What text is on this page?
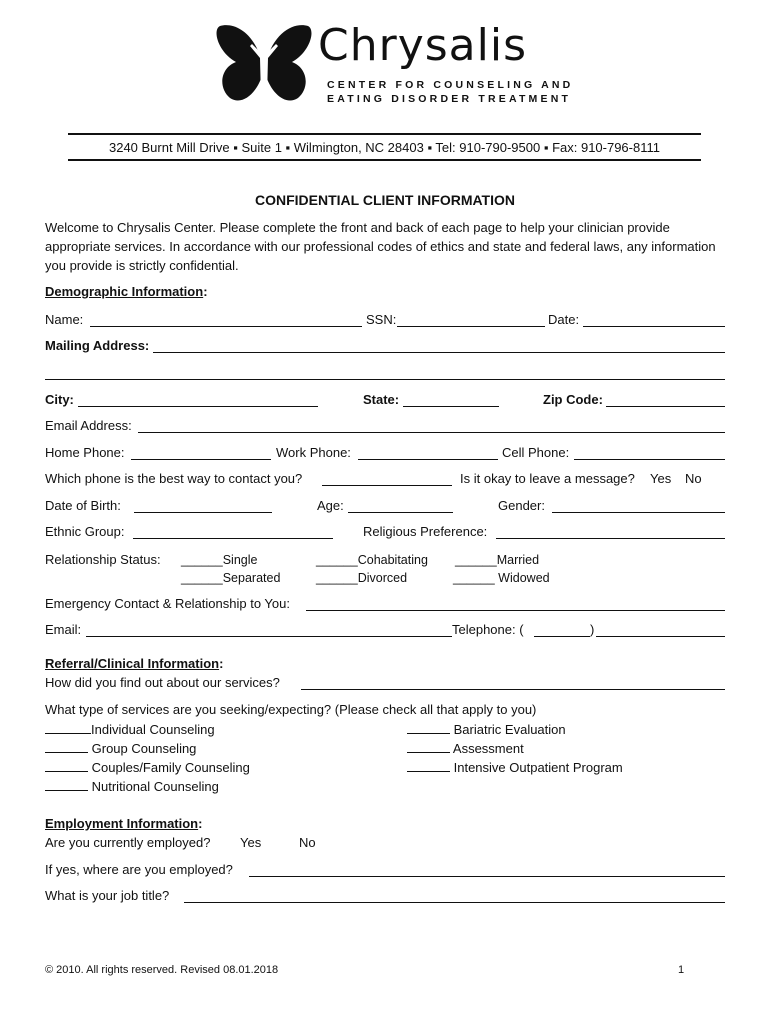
Chrysalis
CENTER FOR COUNSELING AND
EATING DISORDER TREATMENT
3240 Burnt Mill Drive ▪ Suite 1 ▪ Wilmington, NC 28403 ▪ Tel: 910-790-9500 ▪ Fax: 910-796-8111
CONFIDENTIAL CLIENT INFORMATION
Welcome to Chrysalis Center. Please complete the front and back of each page to help your clinician provide appropriate services. In accordance with our professional codes of ethics and state and federal laws, any information you provide is strictly confidential.
Demographic Information:
Name:	SSN:	Date:
Mailing Address:
City:	State:	Zip Code:
Email Address:
Home Phone:	Work Phone:	Cell Phone:
Which phone is the best way to contact you?	Is it okay to leave a message? Yes No
Date of Birth:	Age:	Gender:
Ethnic Group:	Religious Preference:
Relationship Status: ______Single	______Cohabitating ______Married
______Separated	______Divorced	______ Widowed
Emergency Contact & Relationship to You:
Email:	Telephone: (	)
Referral/Clinical Information:
How did you find out about our services?
What type of services are you seeking/expecting? (Please check all that apply to you)
Individual Counseling
Group Counseling
Couples/Family Counseling
Nutritional Counseling
Bariatric Evaluation
Assessment
Intensive Outpatient Program
Employment Information:
Are you currently employed? Yes	No
If yes, where are you employed?
What is your job title?
© 2010. All rights reserved. Revised 08.01.2018	1
